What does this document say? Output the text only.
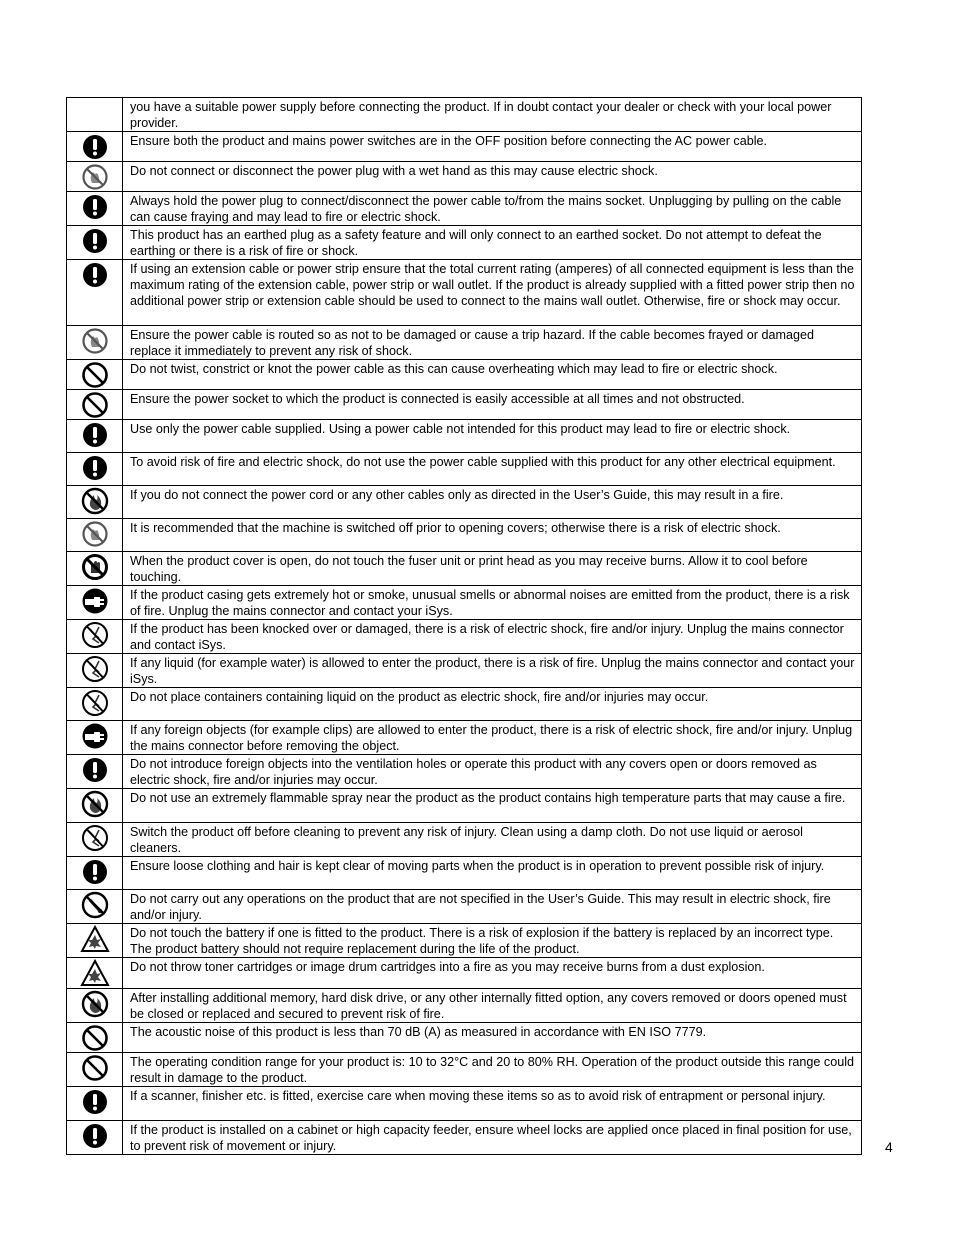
	you have a suitable power supply before connecting the product. If in doubt contact your dealer or check with your local power provider.

	Ensure both the product and mains power switches are in the OFF position before connecting the AC power cable.

	Do not connect or disconnect the power plug with a wet hand as this may cause electric shock.

	Always hold the power plug to connect/disconnect the power cable to/from the mains socket. Unplugging by pulling on the cable can cause fraying and may lead to fire or electric shock.

	This product has an earthed plug as a safety feature and will only connect to an earthed socket. Do not attempt to defeat the earthing or there is a risk of fire or shock.

	If using an extension cable or power strip ensure that the total current rating (amperes) of all connected equipment is less than the maximum rating of the extension cable, power strip or wall outlet. If the product is already supplied with a fitted power strip then no additional power strip or extension cable should be used to connect to the mains wall outlet. Otherwise, fire or shock may occur.

	Ensure the power cable is routed so as not to be damaged or cause a trip hazard. If the cable becomes frayed or damaged replace it immediately to prevent any risk of shock.

	Do not twist, constrict or knot the power cable as this can cause overheating which may lead to fire or electric shock.

	Ensure the power socket to which the product is connected is easily accessible at all times and not obstructed.

	Use only the power cable supplied. Using a power cable not intended for this product may lead to fire or electric shock.

	To avoid risk of fire and electric shock, do not use the power cable supplied with this product for any other electrical equipment.

	If you do not connect the power cord or any other cables only as directed in the User’s Guide, this may result in a fire.

	It is recommended that the machine is switched off prior to opening covers; otherwise there is a risk of electric shock.

	When the product cover is open, do not touch the fuser unit or print head as you may receive burns. Allow it to cool before touching.

	If the product casing gets extremely hot or smoke, unusual smells or abnormal noises are emitted from the product, there is a risk of fire. Unplug the mains connector and contact your iSys.

	If the product has been knocked over or damaged, there is a risk of electric shock, fire and/or injury. Unplug the mains connector and contact iSys.

	If any liquid (for example water) is allowed to enter the product, there is a risk of fire. Unplug the mains connector and contact your iSys.

	Do not place containers containing liquid on the product as electric shock, fire and/or injuries may occur.

	If any foreign objects (for example clips) are allowed to enter the product, there is a risk of electric shock, fire and/or injury. Unplug the mains connector before removing the object.

	Do not introduce foreign objects into the ventilation holes or operate this product with any covers open or doors removed as electric shock, fire and/or injuries may occur.

	Do not use an extremely flammable spray near the product as the product contains high temperature parts that may cause a fire.

	Switch the product off before cleaning to prevent any risk of injury. Clean using a damp cloth. Do not use liquid or aerosol cleaners.

	Ensure loose clothing and hair is kept clear of moving parts when the product is in operation to prevent possible risk of injury.

	Do not carry out any operations on the product that are not specified in the User’s Guide. This may result in electric shock, fire and/or injury.

	Do not touch the battery if one is fitted to the product. There is a risk of explosion if the battery is replaced by an incorrect type. The product battery should not require replacement during the life of the product.

	Do not throw toner cartridges or image drum cartridges into a fire as you may receive burns from a dust explosion.

	After installing additional memory, hard disk drive, or any other internally fitted option, any covers removed or doors opened must be closed or replaced and secured to prevent risk of fire.

	The acoustic noise of this product is less than 70 dB (A) as measured in accordance with EN ISO 7779.

	The operating condition range for your product is: 10 to 32°C and 20 to 80% RH. Operation of the product outside this range could result in damage to the product.

	If a scanner, finisher etc. is fitted, exercise care when moving these items so as to avoid risk of entrapment or personal injury.

	If the product is installed on a cabinet or high capacity feeder, ensure wheel locks are applied once placed in final position for use, to prevent risk of movement or injury.	4
